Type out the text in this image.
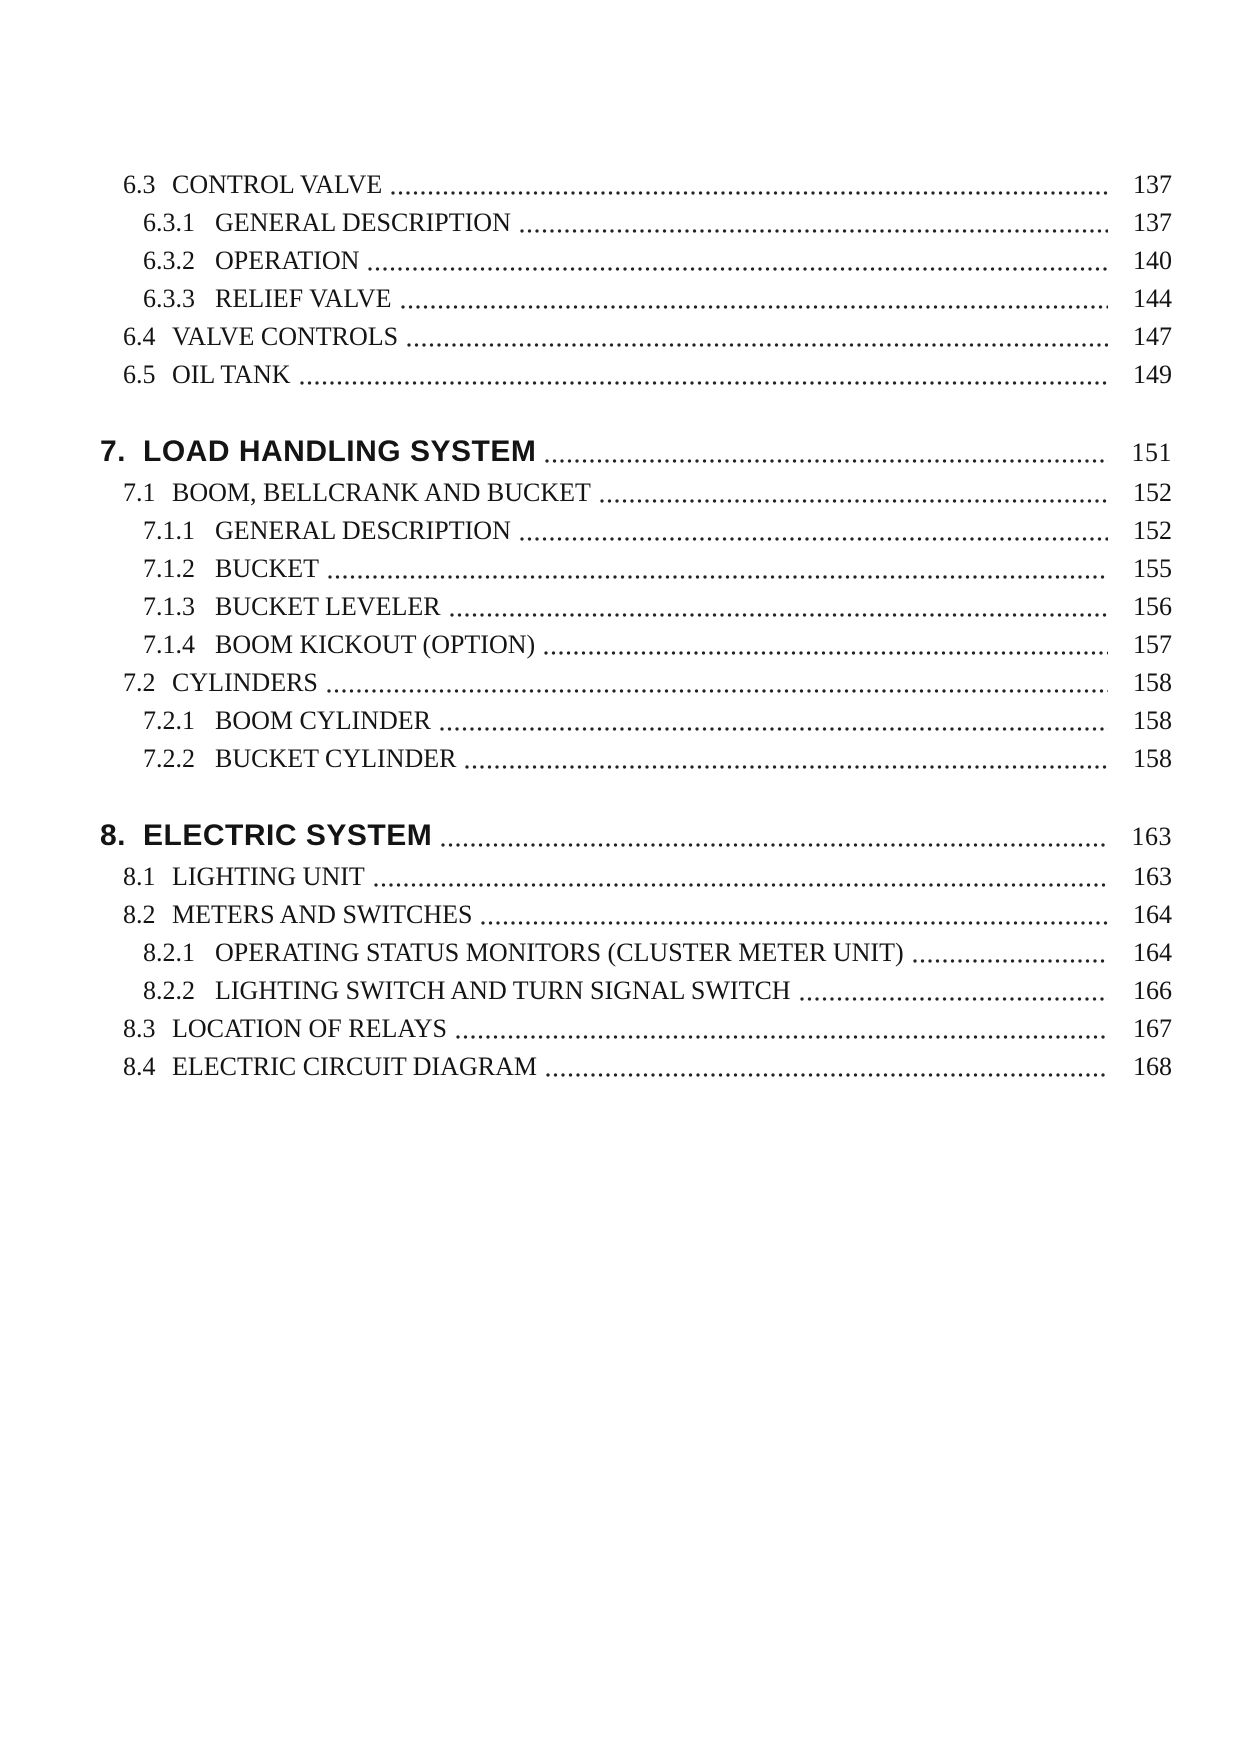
6.3 CONTROL VALVE	137
6.3.1 GENERAL DESCRIPTION	137
6.3.2 OPERATION	140
6.3.3 RELIEF VALVE	144
6.4 VALVE CONTROLS	147
6.5 OIL TANK	149
7. LOAD HANDLING SYSTEM	151
7.1 BOOM, BELLCRANK AND BUCKET	152
7.1.1 GENERAL DESCRIPTION	152
7.1.2 BUCKET	155
7.1.3 BUCKET LEVELER	156
7.1.4 BOOM KICKOUT (OPTION)	157
7.2 CYLINDERS	158
7.2.1 BOOM CYLINDER	158
7.2.2 BUCKET CYLINDER	158
8. ELECTRIC SYSTEM	163
8.1 LIGHTING UNIT	163
8.2 METERS AND SWITCHES	164
8.2.1 OPERATING STATUS MONITORS (CLUSTER METER UNIT)	164
8.2.2 LIGHTING SWITCH AND TURN SIGNAL SWITCH	166
8.3 LOCATION OF RELAYS	167
8.4 ELECTRIC CIRCUIT DIAGRAM	168
